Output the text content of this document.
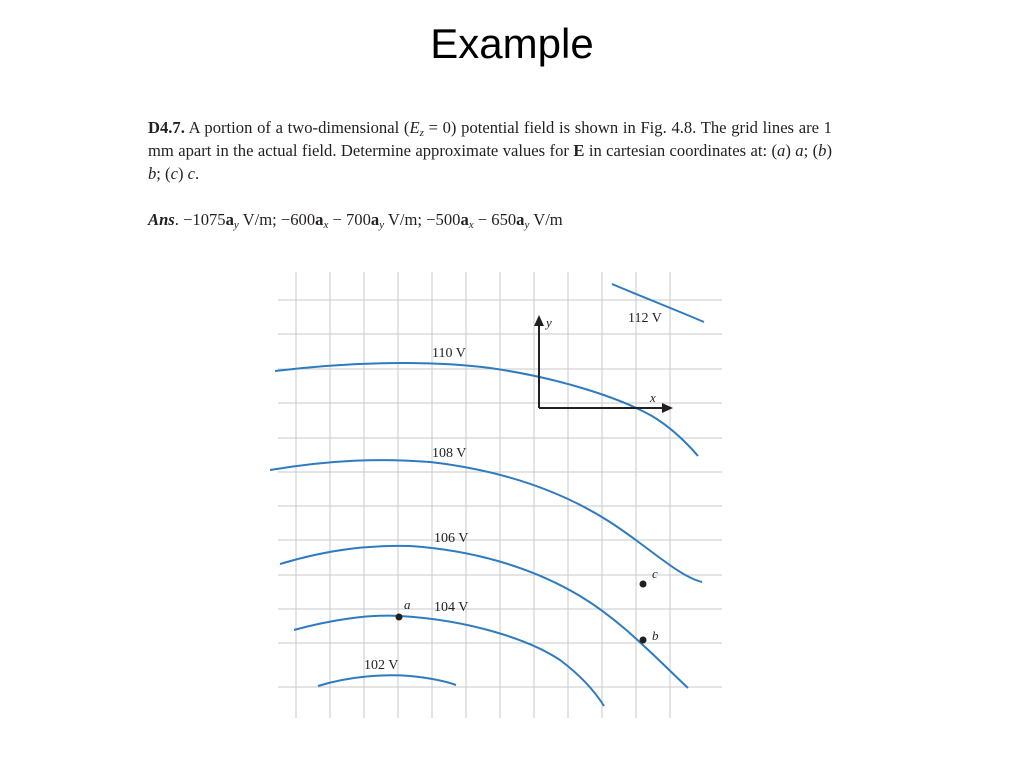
Example
D4.7. A portion of a two-dimensional $(E_z = 0)$ potential field is shown in Fig. 4.8. The grid lines are 1 mm apart in the actual field. Determine approximate values for E in cartesian coordinates at: (a) a; (b) b; (c) c.
Ans. $-1075a_y$ V/m; $-600a_x - 700a_y$ V/m; $-500a_x - 650a_y$ V/m
y
x
112 V
110 V
108 V
106 V
104 V
102 V
a
b
c
